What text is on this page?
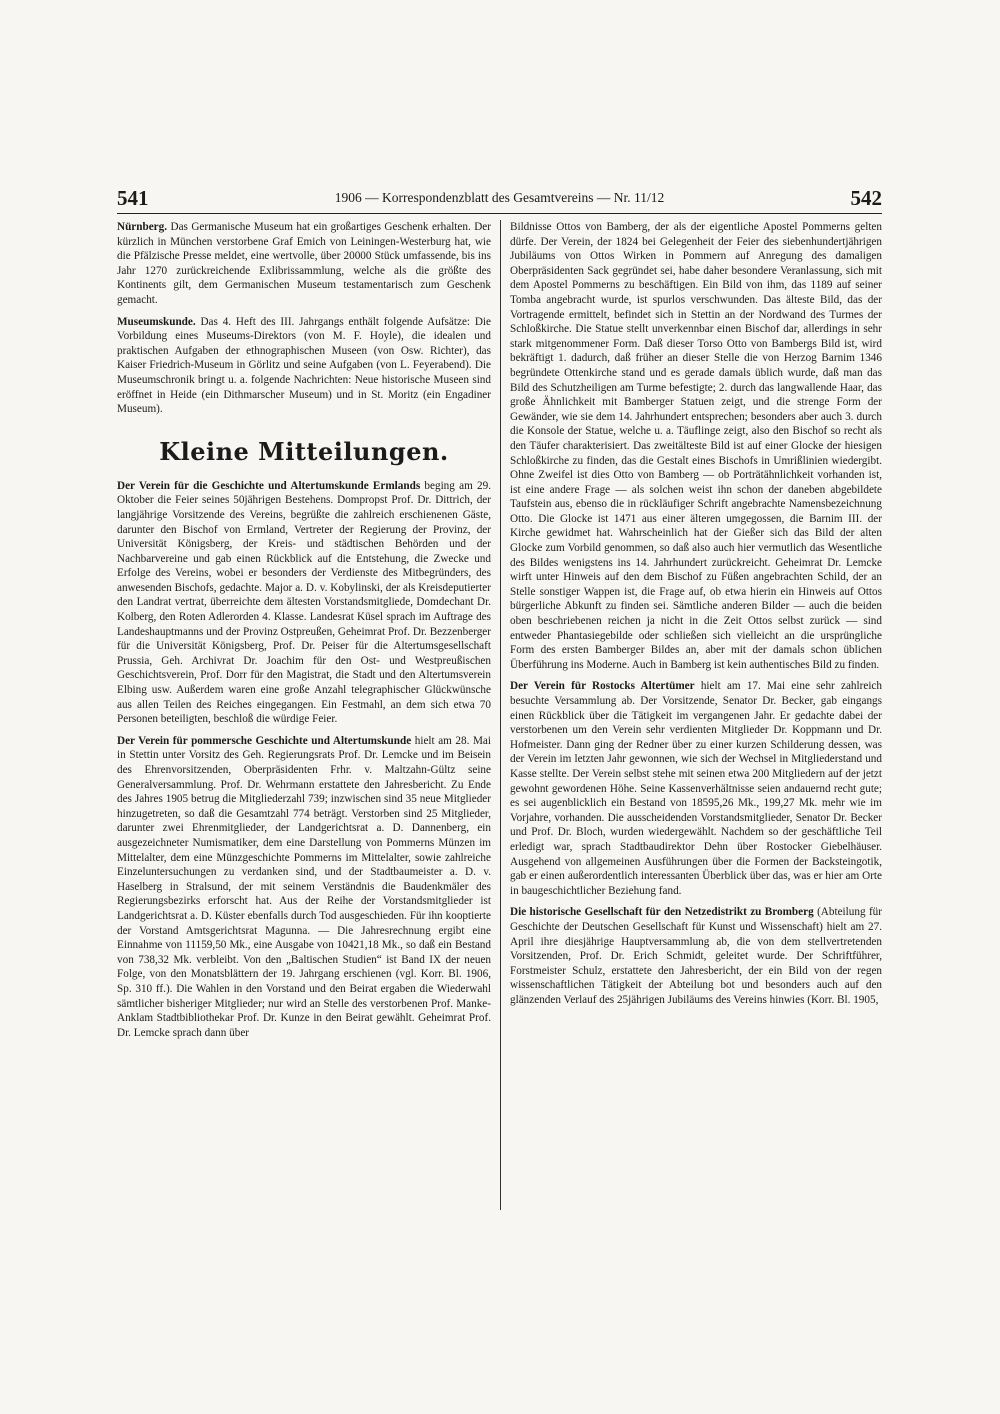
541	1906 — Korrespondenzblatt des Gesamtvereins — Nr. 11/12	542

Nürnberg. Das Germanische Museum hat ein großartiges Geschenk erhalten. Der kürzlich in München verstorbene Graf Emich von Leiningen-Westerburg hat, wie die Pfälzische Presse meldet, eine wertvolle, über 20000 Stück umfassende, bis ins Jahr 1270 zurückreichende Exlibrissammlung, welche als die größte des Kontinents gilt, dem Germanischen Museum testamentarisch zum Geschenk gemacht.

Museumskunde. Das 4. Heft des III. Jahrgangs enthält folgende Aufsätze: Die Vorbildung eines Museums-Direktors (von M. F. Hoyle), die idealen und praktischen Aufgaben der ethnographischen Museen (von Osw. Richter), das Kaiser Friedrich-Museum in Görlitz und seine Aufgaben (von L. Feyerabend). Die Museumschronik bringt u. a. folgende Nachrichten: Neue historische Museen sind eröffnet in Heide (ein Dithmarscher Museum) und in St. Moritz (ein Engadiner Museum).

Kleine Mitteilungen.

Der Verein für die Geschichte und Altertumskunde Ermlands beging am 29. Oktober die Feier seines 50jährigen Bestehens. Dompropst Prof. Dr. Dittrich, der langjährige Vorsitzende des Vereins, begrüßte die zahlreich erschienenen Gäste, darunter den Bischof von Ermland, Vertreter der Regierung der Provinz, der Universität Königsberg, der Kreis- und städtischen Behörden und der Nachbarvereine und gab einen Rückblick auf die Entstehung, die Zwecke und Erfolge des Vereins, wobei er besonders der Verdienste des Mitbegründers, des anwesenden Bischofs, gedachte. Major a. D. v. Kobylinski, der als Kreisdeputierter den Landrat vertrat, überreichte dem ältesten Vorstandsmitgliede, Domdechant Dr. Kolberg, den Roten Adlerorden 4. Klasse. Landesrat Küsel sprach im Auftrage des Landeshauptmanns und der Provinz Ostpreußen, Geheimrat Prof. Dr. Bezzenberger für die Universität Königsberg, Prof. Dr. Peiser für die Altertumsgesellschaft Prussia, Geh. Archivrat Dr. Joachim für den Ost- und Westpreußischen Geschichtsverein, Prof. Dorr für den Magistrat, die Stadt und den Altertumsverein Elbing usw. Außerdem waren eine große Anzahl telegraphischer Glückwünsche aus allen Teilen des Reiches eingegangen. Ein Festmahl, an dem sich etwa 70 Personen beteiligten, beschloß die würdige Feier.

Der Verein für pommersche Geschichte und Altertumskunde hielt am 28. Mai in Stettin unter Vorsitz des Geh. Regierungsrats Prof. Dr. Lemcke und im Beisein des Ehrenvorsitzenden, Oberpräsidenten Frhr. v. Maltzahn-Gültz seine Generalversammlung. Prof. Dr. Wehrmann erstattete den Jahresbericht. Zu Ende des Jahres 1905 betrug die Mitgliederzahl 739; inzwischen sind 35 neue Mitglieder hinzugetreten, so daß die Gesamtzahl 774 beträgt. Verstorben sind 25 Mitglieder, darunter zwei Ehrenmitglieder, der Landgerichtsrat a. D. Dannenberg, ein ausgezeichneter Numismatiker, dem eine Darstellung von Pommerns Münzen im Mittelalter, dem eine Münzgeschichte Pommerns im Mittelalter, sowie zahlreiche Einzeluntersuchungen zu verdanken sind, und der Stadtbaumeister a. D. v. Haselberg in Stralsund, der mit seinem Verständnis die Baudenkmäler des Regierungsbezirks erforscht hat. Aus der Reihe der Vorstandsmitglieder ist Landgerichtsrat a. D. Küster ebenfalls durch Tod ausgeschieden. Für ihn kooptierte der Vorstand Amtsgerichtsrat Magunna. — Die Jahresrechnung ergibt eine Einnahme von 11159,50 Mk., eine Ausgabe von 10421,18 Mk., so daß ein Bestand von 738,32 Mk. verbleibt. Von den „Baltischen Studien“ ist Band IX der neuen Folge, von den Monatsblättern der 19. Jahrgang erschienen (vgl. Korr. Bl. 1906, Sp. 310 ff.). Die Wahlen in den Vorstand und den Beirat ergaben die Wiederwahl sämtlicher bisheriger Mitglieder; nur wird an Stelle des verstorbenen Prof. Manke-Anklam Stadtbibliothekar Prof. Dr. Kunze in den Beirat gewählt. Geheimrat Prof. Dr. Lemcke sprach dann über

Bildnisse Ottos von Bamberg, der als der eigentliche Apostel Pommerns gelten dürfe. Der Verein, der 1824 bei Gelegenheit der Feier des siebenhundertjährigen Jubiläums von Ottos Wirken in Pommern auf Anregung des damaligen Oberpräsidenten Sack gegründet sei, habe daher besondere Veranlassung, sich mit dem Apostel Pommerns zu beschäftigen. Ein Bild von ihm, das 1189 auf seiner Tomba angebracht wurde, ist spurlos verschwunden. Das älteste Bild, das der Vortragende ermittelt, befindet sich in Stettin an der Nordwand des Turmes der Schloßkirche. Die Statue stellt unverkennbar einen Bischof dar, allerdings in sehr stark mitgenommener Form. Daß dieser Torso Otto von Bambergs Bild ist, wird bekräftigt 1. dadurch, daß früher an dieser Stelle die von Herzog Barnim 1346 begründete Ottenkirche stand und es gerade damals üblich wurde, daß man das Bild des Schutzheiligen am Turme befestigte; 2. durch das langwallende Haar, das große Ähnlichkeit mit Bamberger Statuen zeigt, und die strenge Form der Gewänder, wie sie dem 14. Jahrhundert entsprechen; besonders aber auch 3. durch die Konsole der Statue, welche u. a. Täuflinge zeigt, also den Bischof so recht als den Täufer charakterisiert. Das zweitälteste Bild ist auf einer Glocke der hiesigen Schloßkirche zu finden, das die Gestalt eines Bischofs in Umrißlinien wiedergibt. Ohne Zweifel ist dies Otto von Bamberg — ob Porträtähnlichkeit vorhanden ist, ist eine andere Frage — als solchen weist ihn schon der daneben abgebildete Taufstein aus, ebenso die in rückläufiger Schrift angebrachte Namensbezeichnung Otto. Die Glocke ist 1471 aus einer älteren umgegossen, die Barnim III. der Kirche gewidmet hat. Wahrscheinlich hat der Gießer sich das Bild der alten Glocke zum Vorbild genommen, so daß also auch hier vermutlich das Wesentliche des Bildes wenigstens ins 14. Jahrhundert zurückreicht. Geheimrat Dr. Lemcke wirft unter Hinweis auf den dem Bischof zu Füßen angebrachten Schild, der an Stelle sonstiger Wappen ist, die Frage auf, ob etwa hierin ein Hinweis auf Ottos bürgerliche Abkunft zu finden sei. Sämtliche anderen Bilder — auch die beiden oben beschriebenen reichen ja nicht in die Zeit Ottos selbst zurück — sind entweder Phantasiegebilde oder schließen sich vielleicht an die ursprüngliche Form des ersten Bamberger Bildes an, aber mit der damals schon üblichen Überführung ins Moderne. Auch in Bamberg ist kein authentisches Bild zu finden.

Der Verein für Rostocks Altertümer hielt am 17. Mai eine sehr zahlreich besuchte Versammlung ab. Der Vorsitzende, Senator Dr. Becker, gab eingangs einen Rückblick über die Tätigkeit im vergangenen Jahr. Er gedachte dabei der verstorbenen um den Verein sehr verdienten Mitglieder Dr. Koppmann und Dr. Hofmeister. Dann ging der Redner über zu einer kurzen Schilderung dessen, was der Verein im letzten Jahr gewonnen, wie sich der Wechsel in Mitgliederstand und Kasse stellte. Der Verein selbst stehe mit seinen etwa 200 Mitgliedern auf der jetzt gewohnt gewordenen Höhe. Seine Kassenverhältnisse seien andauernd recht gute; es sei augenblicklich ein Bestand von 18595,26 Mk., 199,27 Mk. mehr wie im Vorjahre, vorhanden. Die ausscheidenden Vorstandsmitglieder, Senator Dr. Becker und Prof. Dr. Bloch, wurden wiedergewählt. Nachdem so der geschäftliche Teil erledigt war, sprach Stadtbaudirektor Dehn über Rostocker Giebelhäuser. Ausgehend von allgemeinen Ausführungen über die Formen der Backsteingotik, gab er einen außerordentlich interessanten Überblick über das, was er hier am Orte in baugeschichtlicher Beziehung fand.

Die historische Gesellschaft für den Netzedistrikt zu Bromberg (Abteilung für Geschichte der Deutschen Gesellschaft für Kunst und Wissenschaft) hielt am 27. April ihre diesjährige Hauptversammlung ab, die von dem stellvertretenden Vorsitzenden, Prof. Dr. Erich Schmidt, geleitet wurde. Der Schriftführer, Forstmeister Schulz, erstattete den Jahresbericht, der ein Bild von der regen wissenschaftlichen Tätigkeit der Abteilung bot und besonders auch auf den glänzenden Verlauf des 25jährigen Jubiläums des Vereins hinwies (Korr. Bl. 1905,
